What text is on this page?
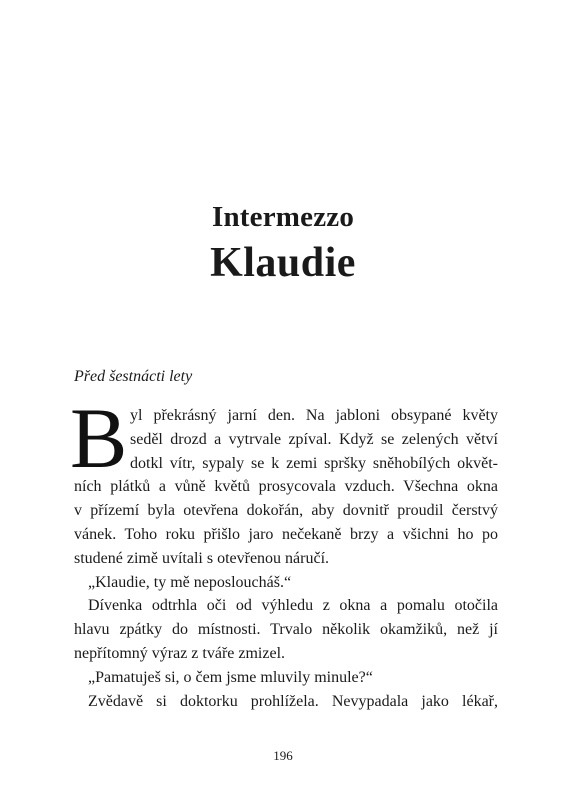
Intermezzo
Klaudie
Před šestnácti lety
B yl překrásný jarní den. Na jabloni obsypané květy
seděl drozd a vytrvale zpíval. Když se zelených větví
dotkl vítr, sypaly se k zemi spršky sněhobílých okvět-
ních plátků a vůně květů prosycovala vzduch. Všechna okna
v přízemí byla otevřena dokořán, aby dovnitř proudil čerstvý
vánek. Toho roku přišlo jaro nečekaně brzy a všichni ho po
studené zimě uvítali s otevřenou náručí.
„Klaudie, ty mě neposloucháš.“
Dívenka odtrhla oči od výhledu z okna a pomalu otočila
hlavu zpátky do místnosti. Trvalo několik okamžiků, než jí
nepřítomný výraz z tváře zmizel.
„Pamatuješ si, o čem jsme mluvily minule?“
Zvědavě si doktorku prohlížela. Nevypadala jako lékař,
196
